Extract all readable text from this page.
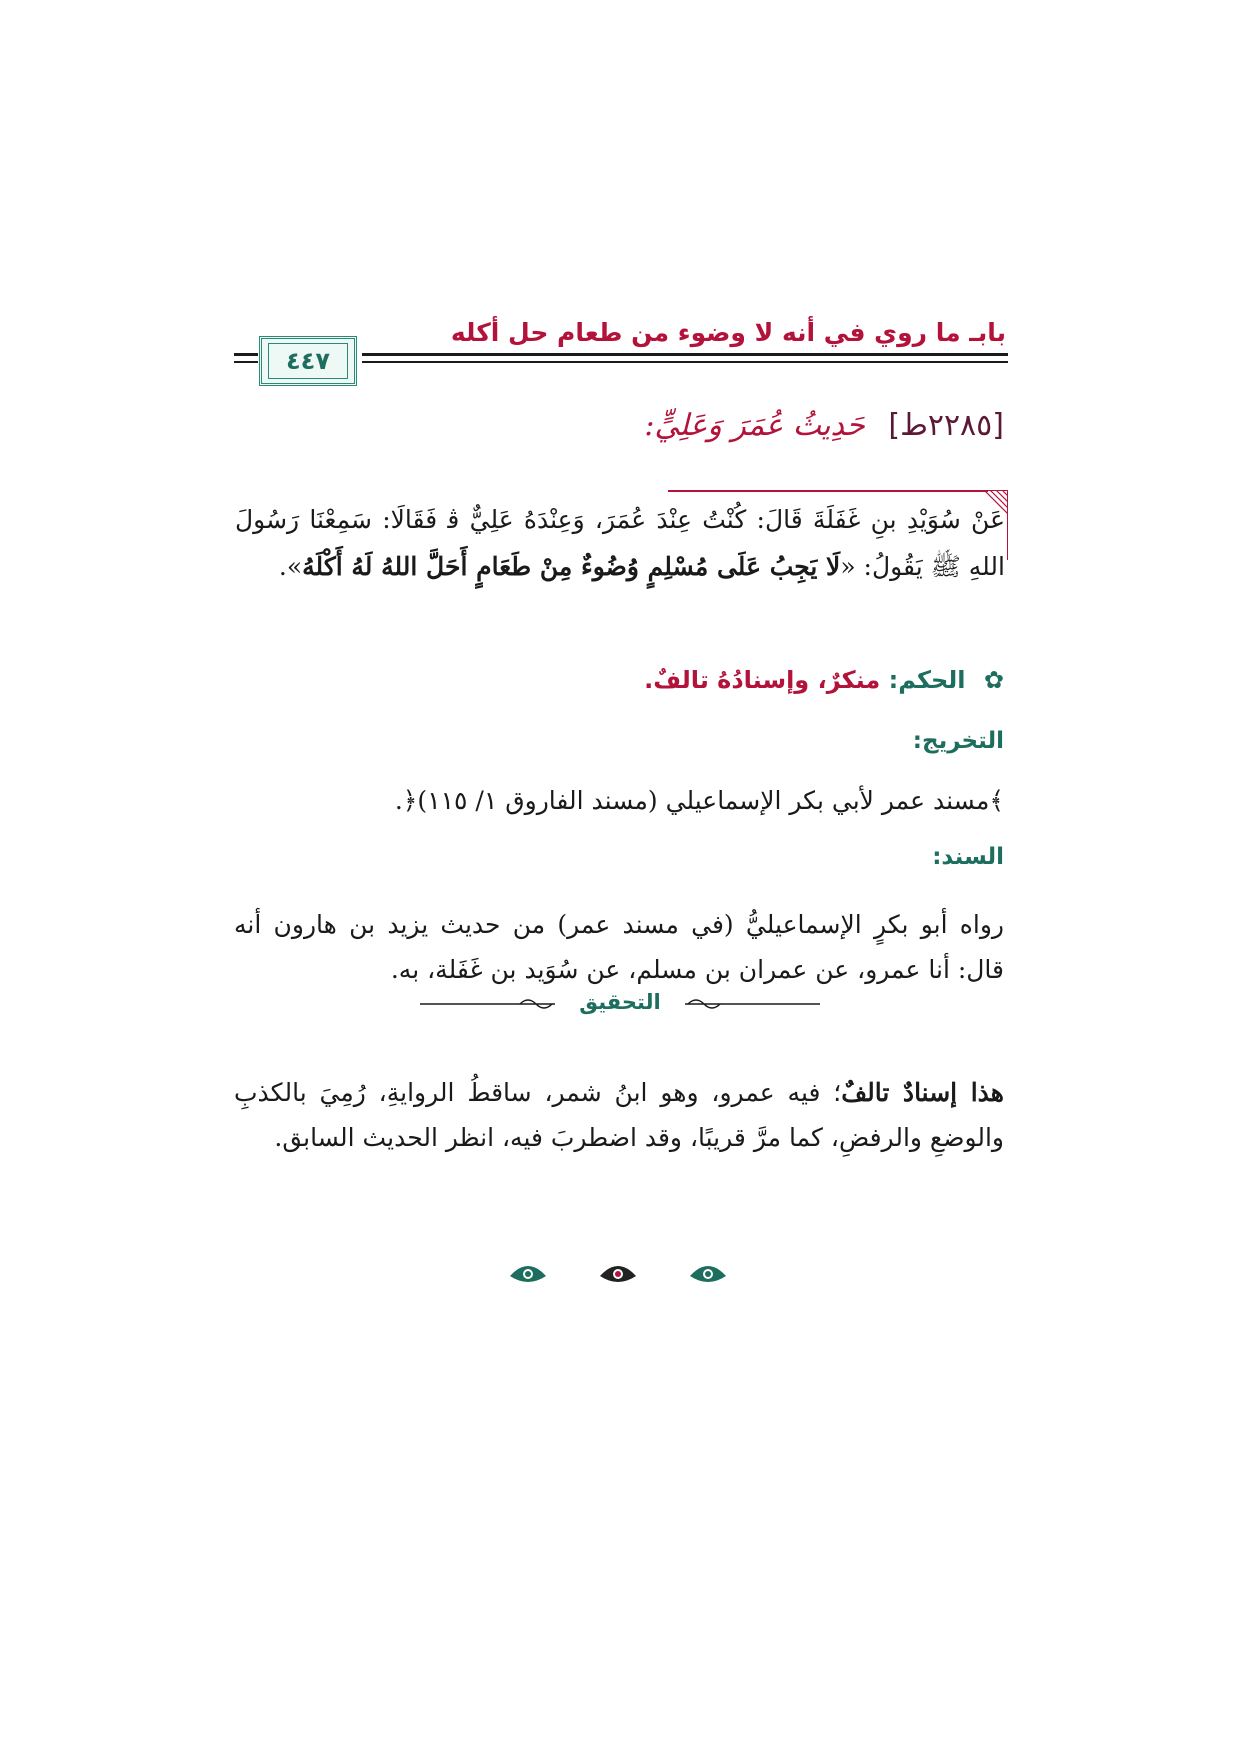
بابـ ما روي في أنه لا وضوء من طعام حل أكله
٤٤٧
[٢٢٨٥ط] حَدِيثُ عُمَرَ وَعَلِيٍّ:
عَنْ سُوَيْدِ بنِ غَفَلَةَ قَالَ: كُنْتُ عِنْدَ عُمَرَ، وَعِنْدَهُ عَلِيٌّ ﭬ فَقَالَا: سَمِعْنَا رَسُولَ اللهِ ﷺ يَقُولُ: «لَا يَجِبُ عَلَى مُسْلِمٍ وُضُوءٌ مِنْ طَعَامٍ أَحَلَّ اللهُ لَهُ أَكْلَهُ».
✿ الحكم: منكرٌ، وإسنادُهُ تالفٌ.
التخريج:
﴾مسند عمر لأبي بكر الإسماعيلي (مسند الفاروق ١/ ١١٥)﴿.
السند:
رواه أبو بكرٍ الإسماعيليُّ (في مسند عمر) من حديث يزيد بن هارون أنه قال: أنا عمرو، عن عمران بن مسلم، عن سُوَيد بن غَفَلة، به.
التحقيق
هذا إسنادٌ تالفٌ؛ فيه عمرو، وهو ابنُ شمر، ساقطُ الروايةِ، رُمِيَ بالكذبِ والوضعِ والرفضِ، كما مرَّ قريبًا، وقد اضطربَ فيه، انظر الحديث السابق.
